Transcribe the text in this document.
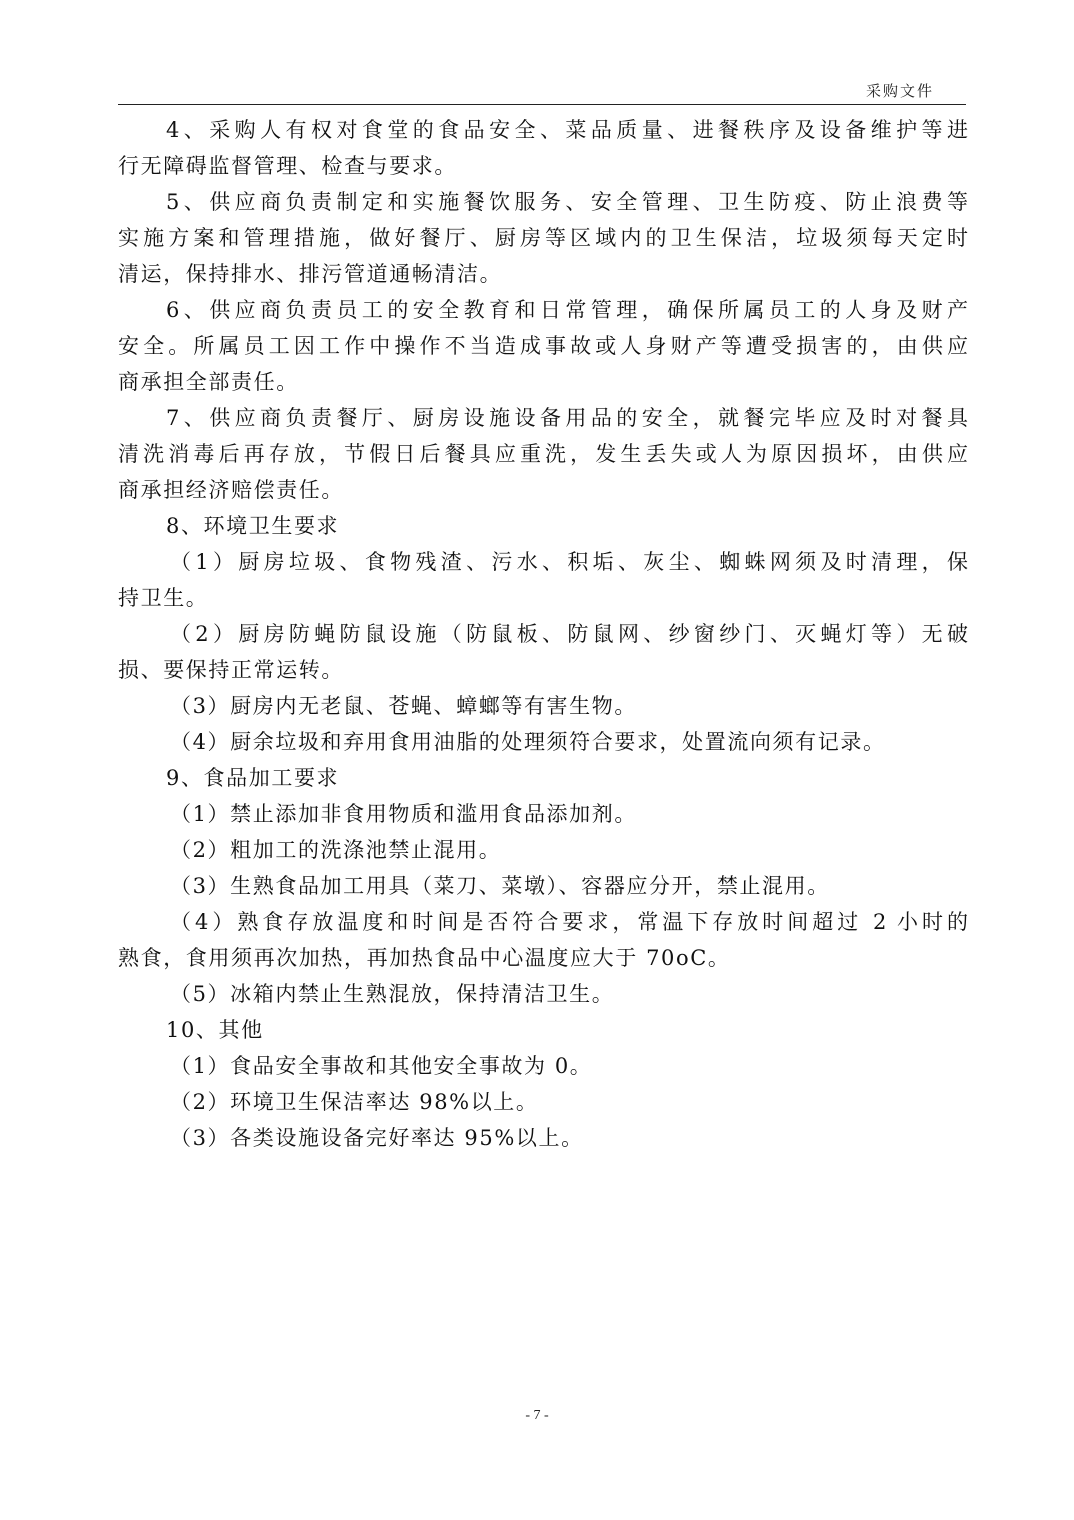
采购文件
4、采购人有权对食堂的食品安全、菜品质量、进餐秩序及设备维护等进
行无障碍监督管理、检查与要求。
5、供应商负责制定和实施餐饮服务、安全管理、卫生防疫、防止浪费等
实施方案和管理措施，做好餐厅、厨房等区域内的卫生保洁，垃圾须每天定时
清运，保持排水、排污管道通畅清洁。
6、供应商负责员工的安全教育和日常管理，确保所属员工的人身及财产
安全。所属员工因工作中操作不当造成事故或人身财产等遭受损害的，由供应
商承担全部责任。
7、供应商负责餐厅、厨房设施设备用品的安全，就餐完毕应及时对餐具
清洗消毒后再存放，节假日后餐具应重洗，发生丢失或人为原因损坏，由供应
商承担经济赔偿责任。
8、环境卫生要求
（1）厨房垃圾、食物残渣、污水、积垢、灰尘、蜘蛛网须及时清理，保
持卫生。
（2）厨房防蝇防鼠设施（防鼠板、防鼠网、纱窗纱门、灭蝇灯等）无破
损、要保持正常运转。
（3）厨房内无老鼠、苍蝇、蟑螂等有害生物。
（4）厨余垃圾和弃用食用油脂的处理须符合要求，处置流向须有记录。
9、食品加工要求
（1）禁止添加非食用物质和滥用食品添加剂。
（2）粗加工的洗涤池禁止混用。
（3）生熟食品加工用具（菜刀、菜墩）、容器应分开，禁止混用。
（4）熟食存放温度和时间是否符合要求，常温下存放时间超过 2 小时的
熟食，食用须再次加热，再加热食品中心温度应大于 70oC。
（5）冰箱内禁止生熟混放，保持清洁卫生。
10、其他
（1）食品安全事故和其他安全事故为 0。
（2）环境卫生保洁率达 98%以上。
（3）各类设施设备完好率达 95%以上。
- 7 -
